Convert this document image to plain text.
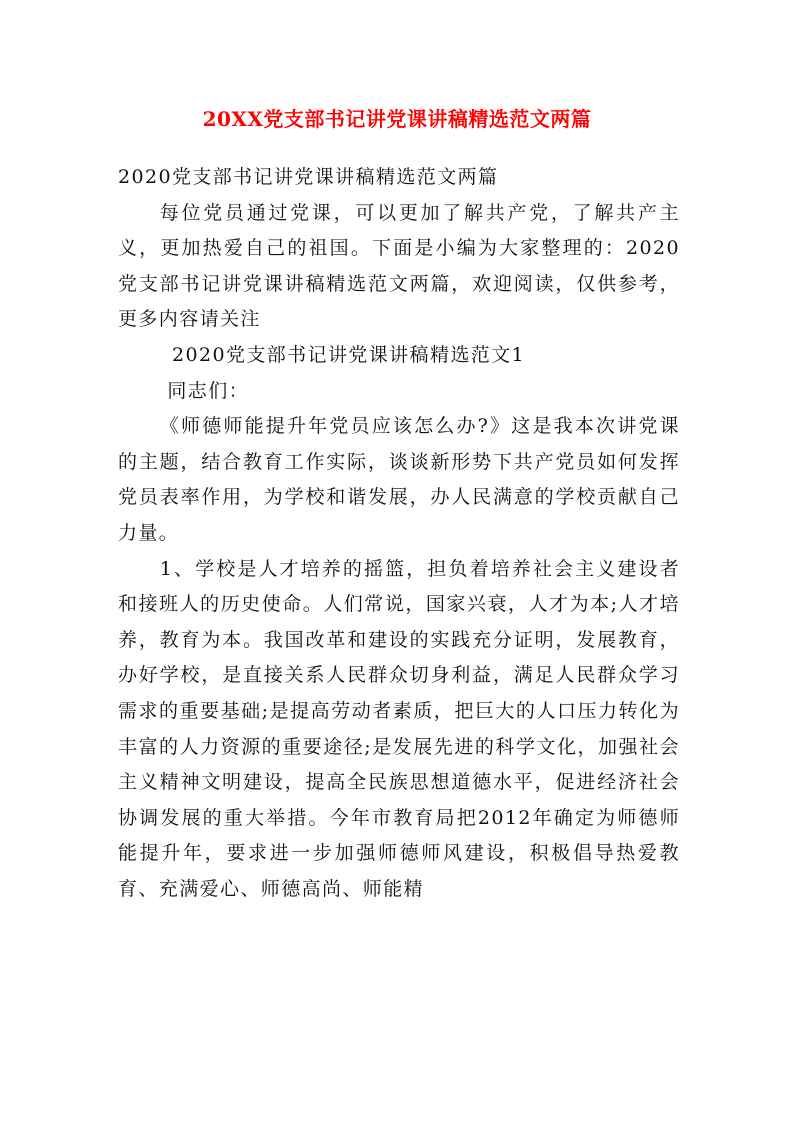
20XX党支部书记讲党课讲稿精选范文两篇

2020党支部书记讲党课讲稿精选范文两篇

每位党员通过党课，可以更加了解共产党，了解共产主义，更加热爱自己的祖国。下面是小编为大家整理的：2020党支部书记讲党课讲稿精选范文两篇，欢迎阅读，仅供参考，更多内容请关注

2020党支部书记讲党课讲稿精选范文1

同志们：

《师德师能提升年党员应该怎么办?》这是我本次讲党课的主题，结合教育工作实际，谈谈新形势下共产党员如何发挥党员表率作用，为学校和谐发展，办人民满意的学校贡献自己力量。

1、学校是人才培养的摇篮，担负着培养社会主义建设者和接班人的历史使命。人们常说，国家兴衰，人才为本;人才培养，教育为本。我国改革和建设的实践充分证明，发展教育，办好学校，是直接关系人民群众切身利益，满足人民群众学习需求的重要基础;是提高劳动者素质，把巨大的人口压力转化为丰富的人力资源的重要途径;是发展先进的科学文化，加强社会主义精神文明建设，提高全民族思想道德水平，促进经济社会协调发展的重大举措。今年市教育局把2012年确定为师德师能提升年，要求进一步加强师德师风建设，积极倡导热爱教育、充满爱心、师德高尚、师能精
